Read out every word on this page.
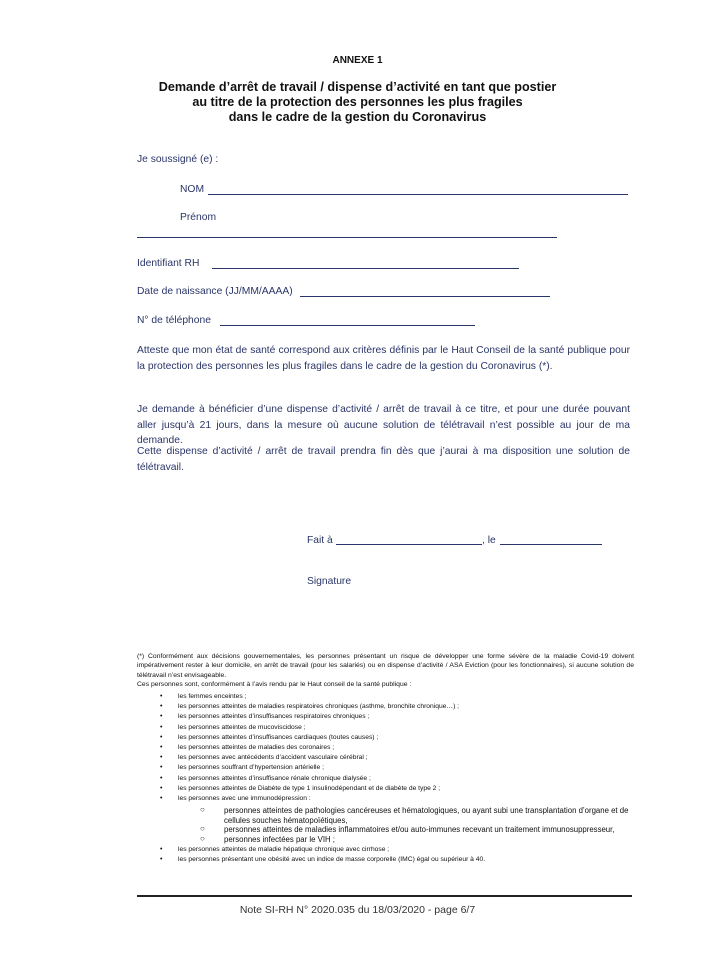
ANNEXE 1
Demande d’arrêt de travail / dispense d’activité en tant que postier
au titre de la protection des personnes les plus fragiles
dans le cadre de la gestion du Coronavirus
Je soussigné (e) :
NOM
Prénom
Identifiant RH
Date de naissance (JJ/MM/AAAA)
N° de téléphone
Atteste que mon état de santé correspond aux critères définis par le Haut Conseil de la santé publique pour la protection des personnes les plus fragiles dans le cadre de la gestion du Coronavirus (*).
Je demande à bénéficier d’une dispense d’activité / arrêt de travail à ce titre, et pour une durée pouvant aller jusqu’à 21 jours, dans la mesure où aucune solution de télétravail n’est possible au jour de ma demande.
Cette dispense d’activité / arrêt de travail prendra fin dès que j’aurai à ma disposition une solution de télétravail.
Fait à	, le
Signature
(*) Conformément aux décisions gouvernementales, les personnes présentant un risque de développer une forme sévère de la maladie Covid-19 doivent impérativement rester à leur domicile, en arrêt de travail (pour les salariés) ou en dispense d’activité / ASA Eviction (pour les fonctionnaires), si aucune solution de télétravail n’est envisageable.
Ces personnes sont, conformément à l’avis rendu par le Haut conseil de la santé publique :
• les femmes enceintes ;
• les personnes atteintes de maladies respiratoires chroniques (asthme, bronchite chronique…) ;
• les personnes atteintes d’insuffisances respiratoires chroniques ;
• les personnes atteintes de mucoviscidose ;
• les personnes atteintes d’insuffisances cardiaques (toutes causes) ;
• les personnes atteintes de maladies des coronaires ;
• les personnes avec antécédents d’accident vasculaire cérébral ;
• les personnes souffrant d’hypertension artérielle ;
• les personnes atteintes d’insuffisance rénale chronique dialysée ;
• les personnes atteintes de Diabète de type 1 insulinodépendant et de diabète de type 2 ;
• les personnes avec une immunodépression :
○ personnes atteintes de pathologies cancéreuses et hématologiques, ou ayant subi une transplantation d’organe et de cellules souches hématopoïétiques,
○ personnes atteintes de maladies inflammatoires et/ou auto-immunes recevant un traitement immunosuppresseur,
○ personnes infectées par le VIH ;
• les personnes atteintes de maladie hépatique chronique avec cirrhose ;
• les personnes présentant une obésité avec un indice de masse corporelle (IMC) égal ou supérieur à 40.
Note SI-RH N° 2020.035 du 18/03/2020 - page 6/7
